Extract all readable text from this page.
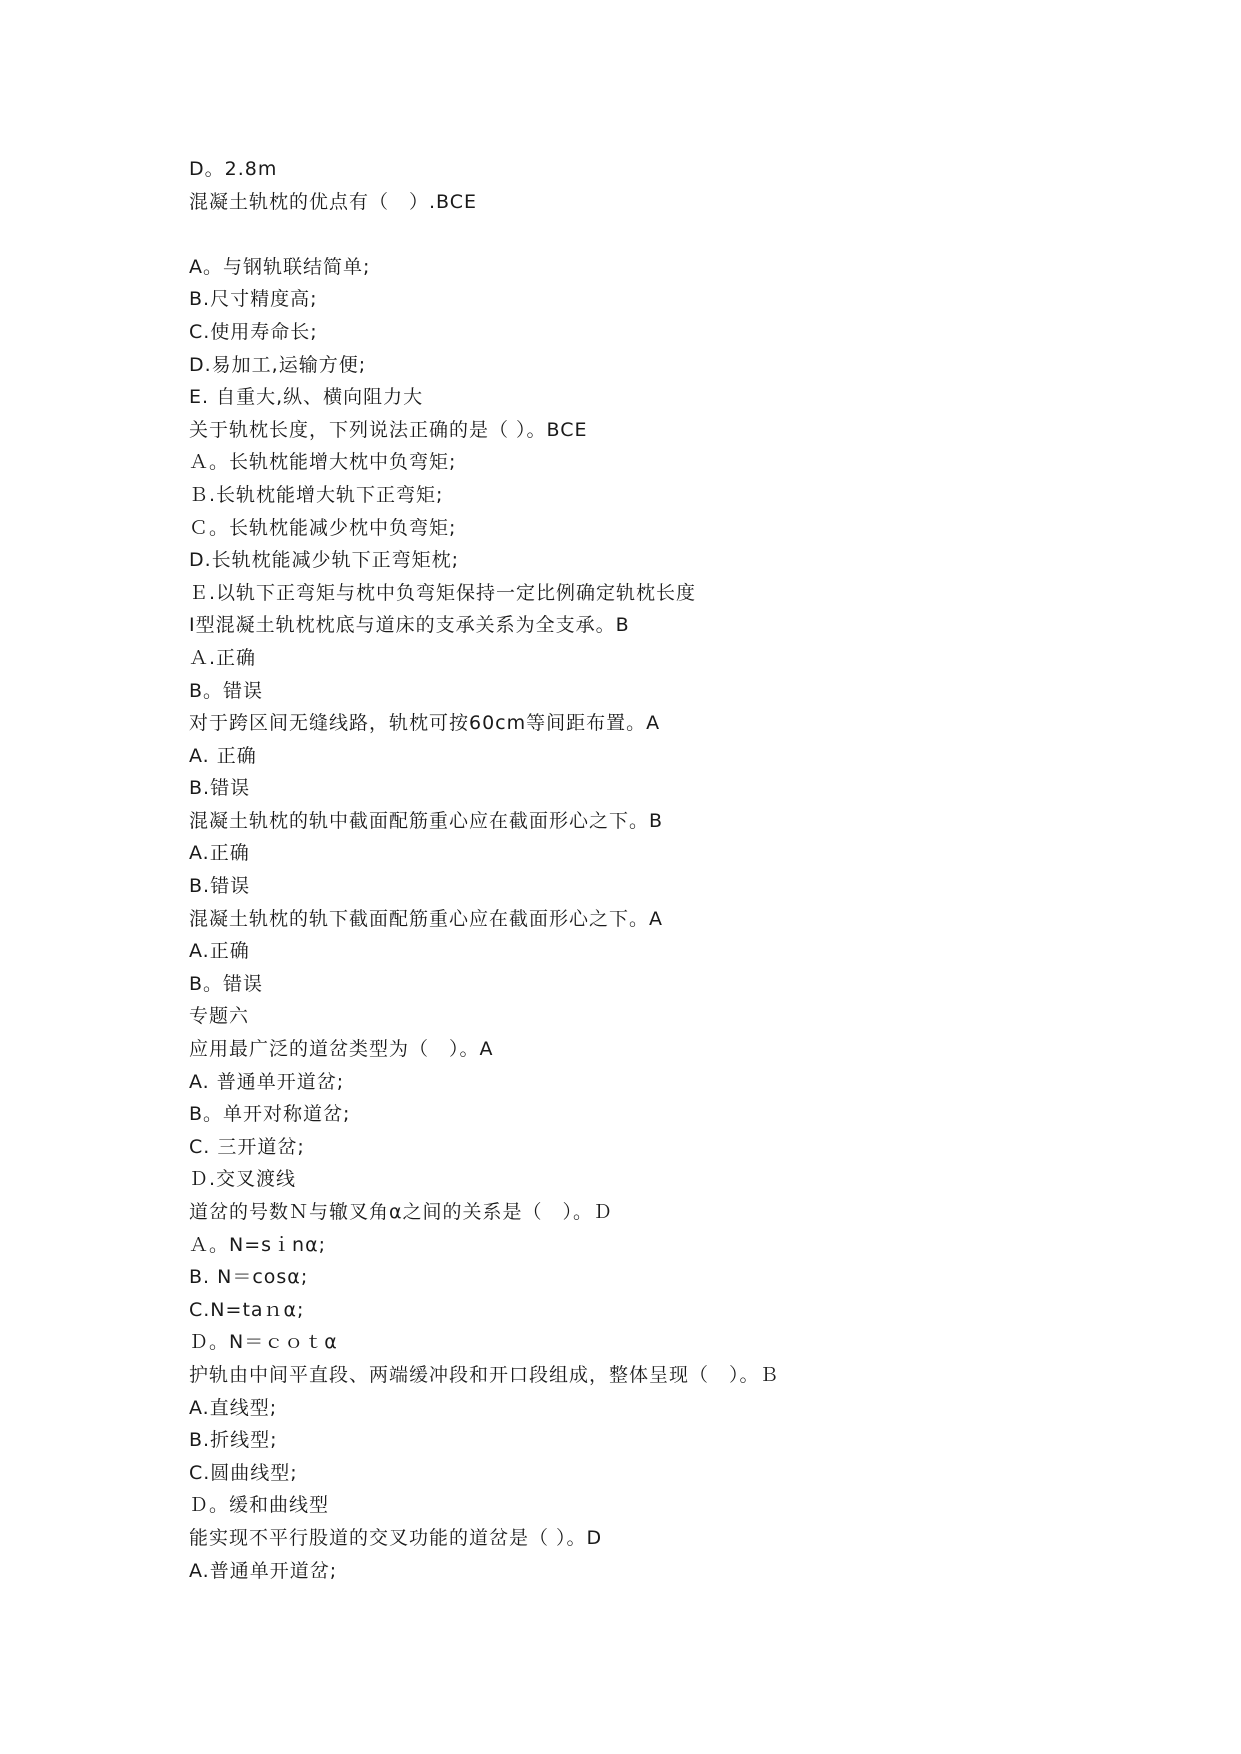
D。2.8m
混凝土轨枕的优点有（　）.BCE
A。与钢轨联结简单;
B.尺寸精度高;
C.使用寿命长;
D.易加工,运输方便;
E. 自重大,纵、横向阻力大
关于轨枕长度，下列说法正确的是（ ）。BCE
Ａ。长轨枕能增大枕中负弯矩;
Ｂ.长轨枕能增大轨下正弯矩;
Ｃ。长轨枕能减少枕中负弯矩;
D.长轨枕能减少轨下正弯矩枕;
Ｅ.以轨下正弯矩与枕中负弯矩保持一定比例确定轨枕长度
Ⅰ型混凝土轨枕枕底与道床的支承关系为全支承。B
Ａ.正确
B。错误
对于跨区间无缝线路，轨枕可按60cm等间距布置。A
A. 正确
B.错误
混凝土轨枕的轨中截面配筋重心应在截面形心之下。B
A.正确
B.错误
混凝土轨枕的轨下截面配筋重心应在截面形心之下。A
A.正确
B。错误
专题六
应用最广泛的道岔类型为（　）。A
A. 普通单开道岔;
B。单开对称道岔;
C. 三开道岔;
Ｄ.交叉渡线
道岔的号数Ｎ与辙叉角α之间的关系是（　）。Ｄ
Ａ。N=sｉnα;
B. N＝cosα;
C.N=taｎα;
Ｄ。N＝ｃｏｔα
护轨由中间平直段、两端缓冲段和开口段组成，整体呈现（　）。Ｂ
A.直线型;
B.折线型;
C.圆曲线型;
Ｄ。缓和曲线型
能实现不平行股道的交叉功能的道岔是（ ）。D
A.普通单开道岔;
